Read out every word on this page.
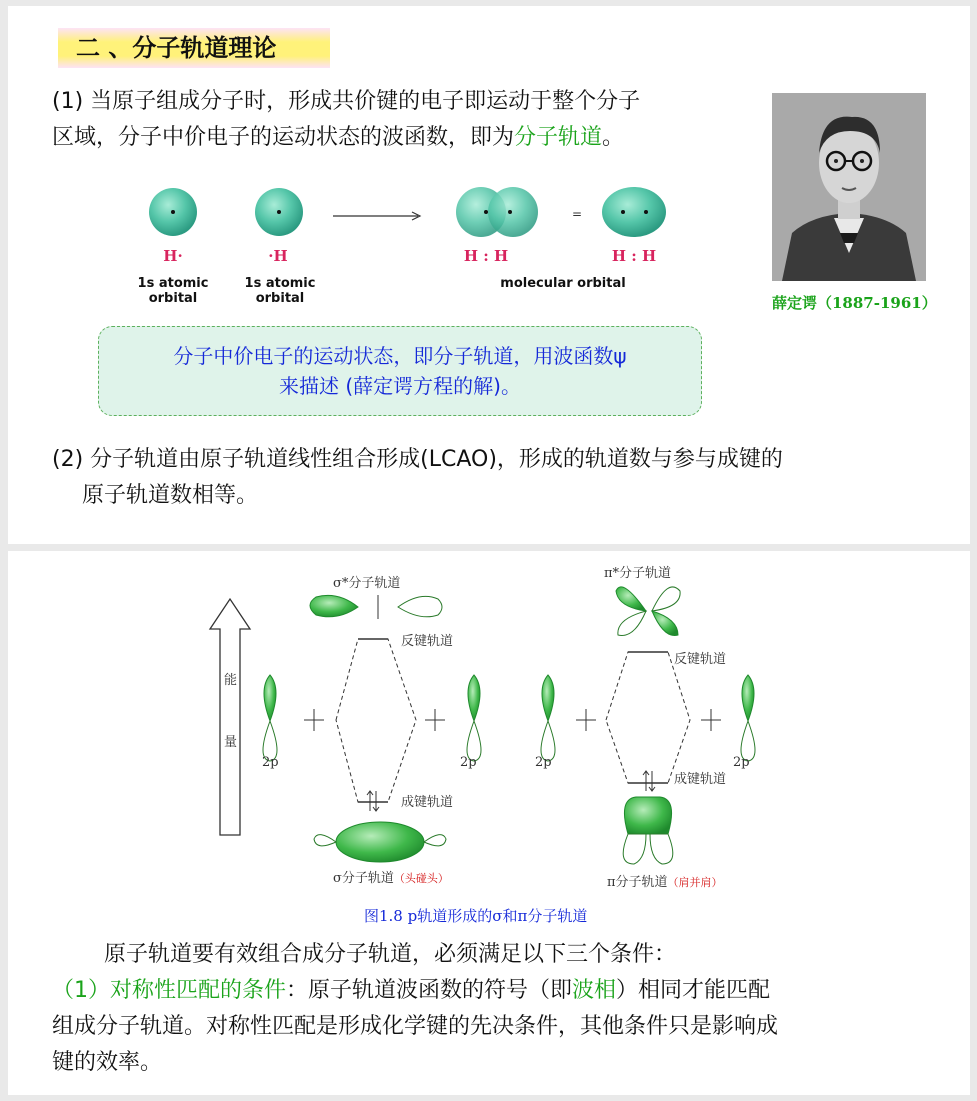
二 、分子轨道理论
(1) 当原子组成分子时，形成共价键的电子即运动于整个分子
区域，分子中价电子的运动状态的波函数，即为分子轨道。
=
H·	·H	H : H	H : H
1s atomic
orbital
1s atomic
orbital
molecular orbital
薛定谔（1887-1961）
分子中价电子的运动状态，即分子轨道，用波函数ψ
来描述 (薛定谔方程的解)。
(2) 分子轨道由原子轨道线性组合形成(LCAO)，形成的轨道数与参与成键的
原子轨道数相等。
能
量
σ*分子轨道
反键轨道
成键轨道
σ分子轨道（头碰头）
π*分子轨道
反键轨道
成键轨道
π分子轨道（肩并肩）
2p	2p	2p	2p
图1.8 p轨道形成的σ和π分子轨道
原子轨道要有效组合成分子轨道，必须满足以下三个条件：
（1）对称性匹配的条件：原子轨道波函数的符号（即波相）相同才能匹配
组成分子轨道。对称性匹配是形成化学键的先决条件，其他条件只是影响成
键的效率。
